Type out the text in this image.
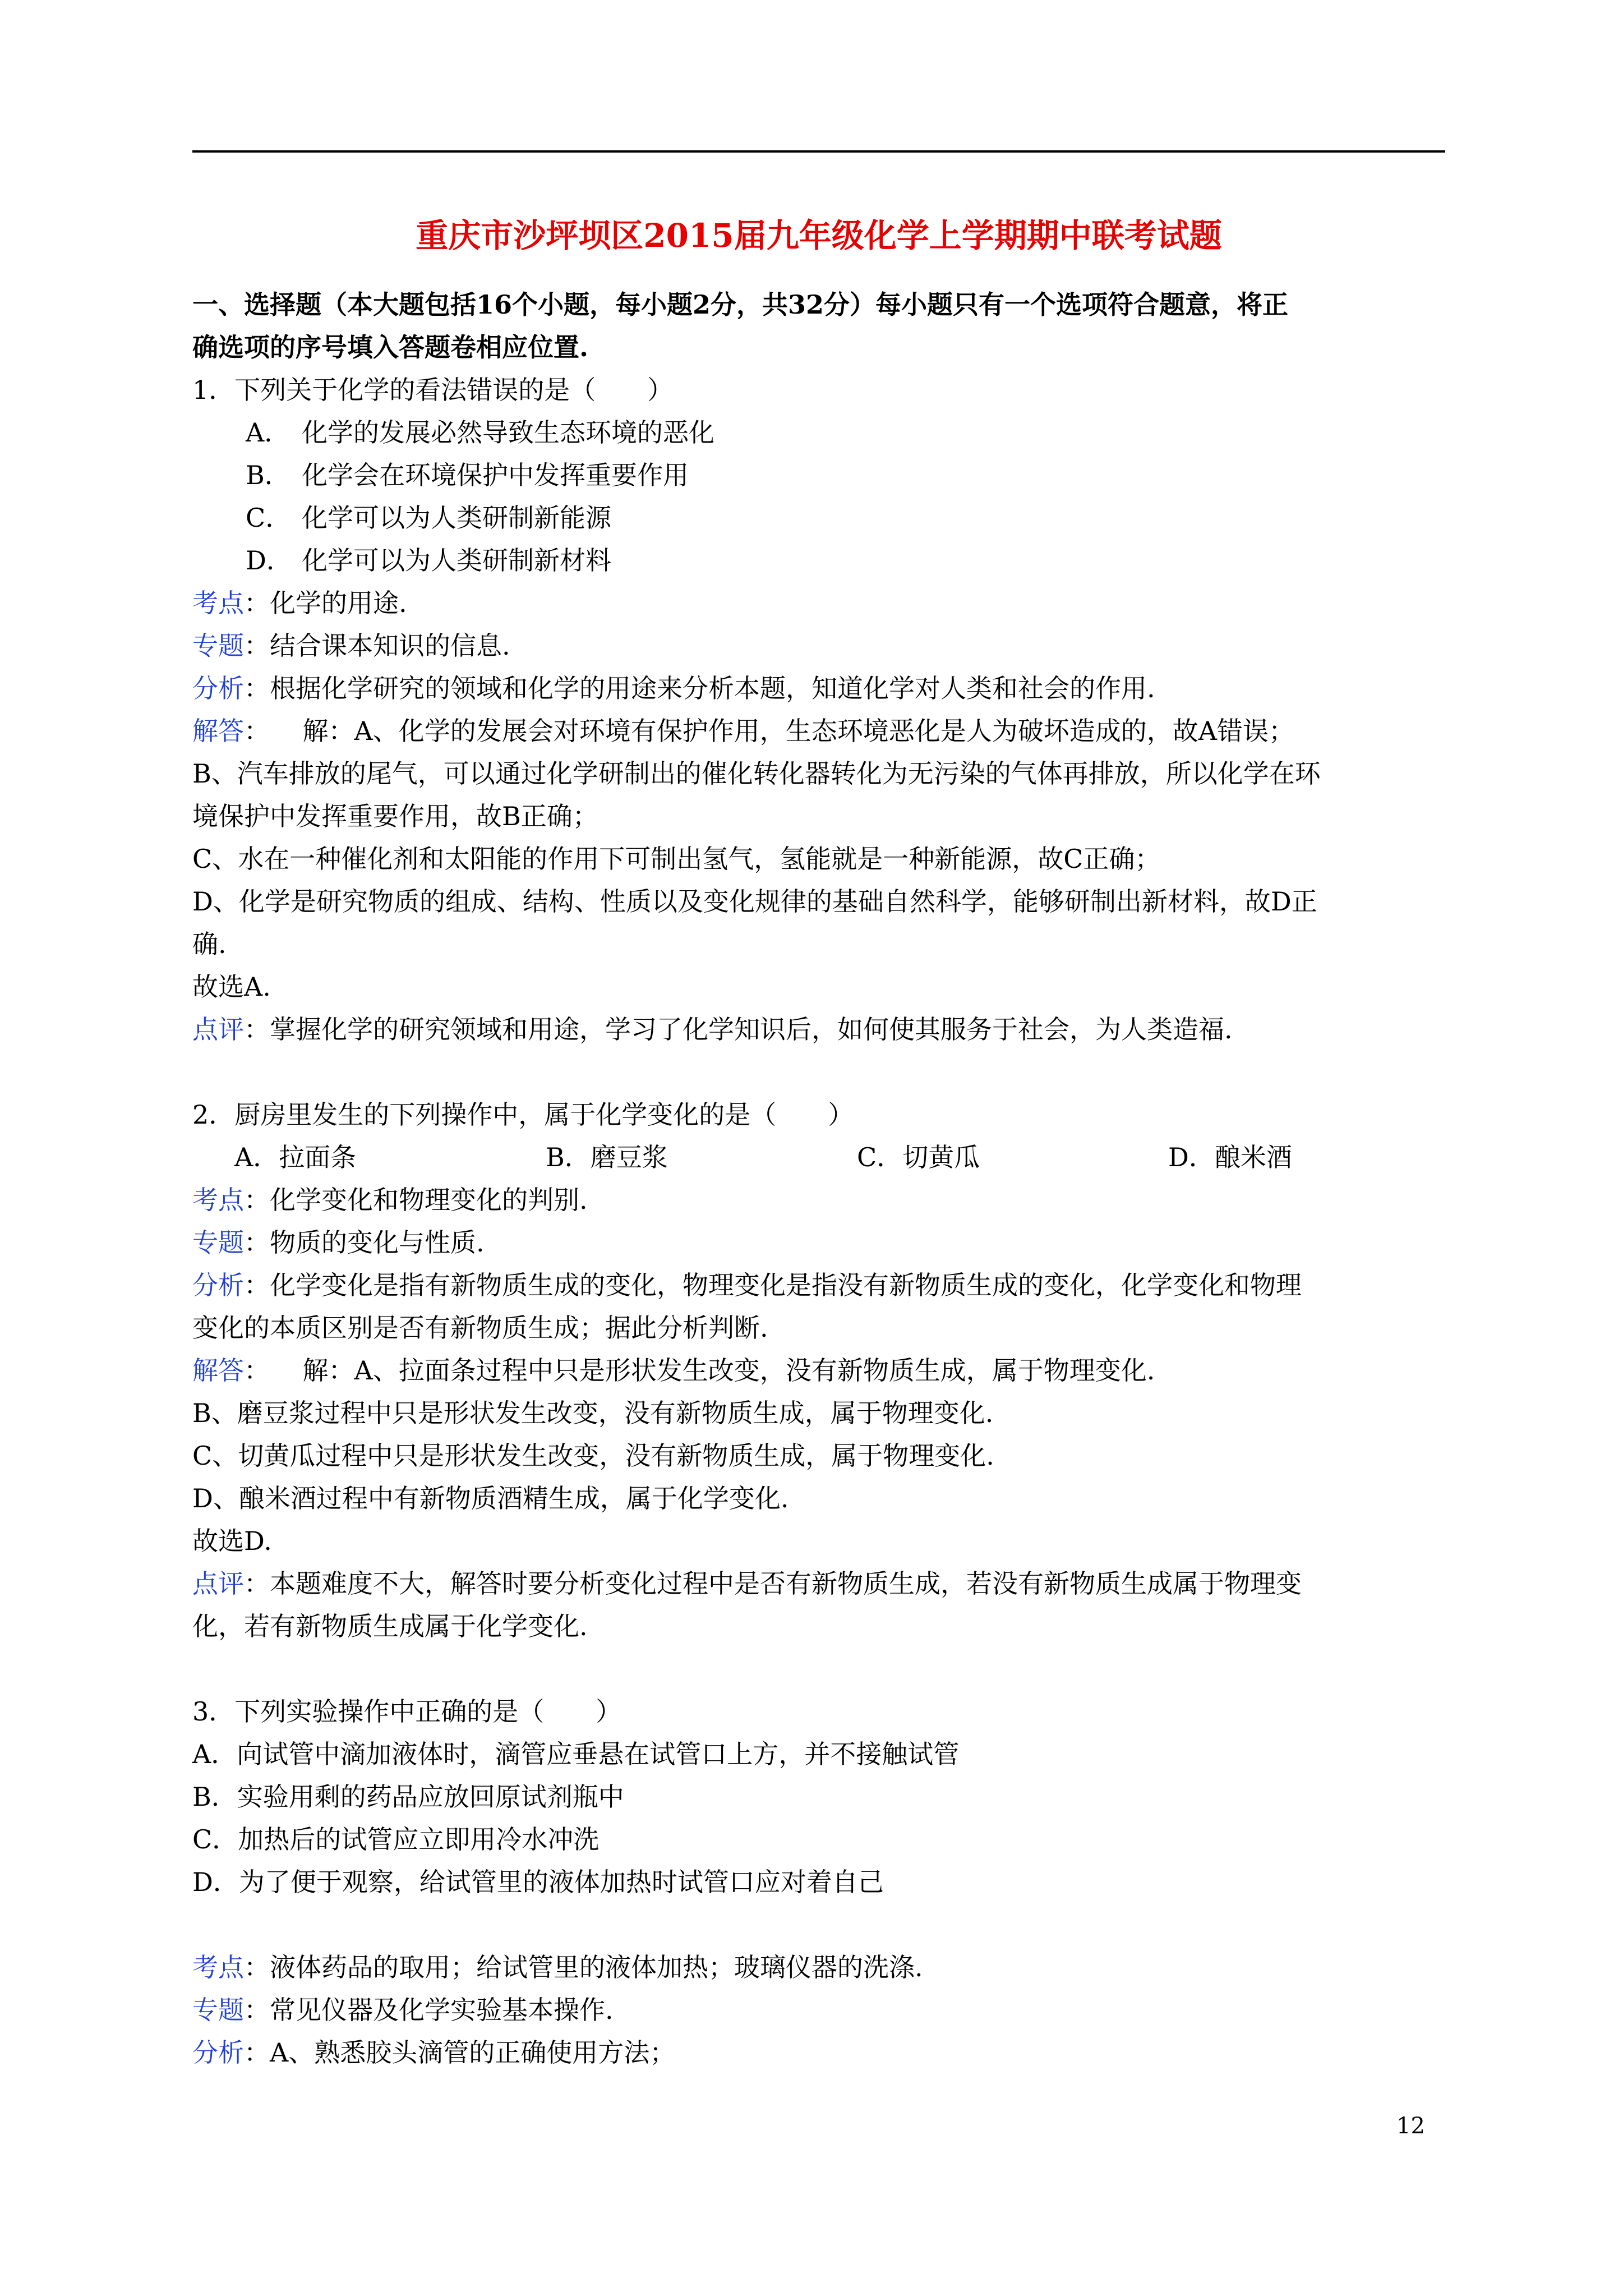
重庆市沙坪坝区2015届九年级化学上学期期中联考试题
一、选择题（本大题包括16个小题，每小题2分，共32分）每小题只有一个选项符合题意，将正
确选项的序号填入答题卷相应位置.
1．下列关于化学的看法错误的是（　　）
A． 化学的发展必然导致生态环境的恶化
B． 化学会在环境保护中发挥重要作用
C． 化学可以为人类研制新能源
D． 化学可以为人类研制新材料
考点：化学的用途.
专题：结合课本知识的信息.
分析：根据化学研究的领域和化学的用途来分析本题，知道化学对人类和社会的作用.
解答：    解：A、化学的发展会对环境有保护作用，生态环境恶化是人为破坏造成的，故A错误；
B、汽车排放的尾气，可以通过化学研制出的催化转化器转化为无污染的气体再排放，所以化学在环
境保护中发挥重要作用，故B正确；
C、水在一种催化剂和太阳能的作用下可制出氢气，氢能就是一种新能源，故C正确；
D、化学是研究物质的组成、结构、性质以及变化规律的基础自然科学，能够研制出新材料，故D正
确.
故选A.
点评：掌握化学的研究领域和用途，学习了化学知识后，如何使其服务于社会，为人类造福.
2．厨房里发生的下列操作中，属于化学变化的是（　　）
A．拉面条	B．磨豆浆	C．切黄瓜	D．酿米酒
考点：化学变化和物理变化的判别.
专题：物质的变化与性质.
分析：化学变化是指有新物质生成的变化，物理变化是指没有新物质生成的变化，化学变化和物理
变化的本质区别是否有新物质生成；据此分析判断.
解答：    解：A、拉面条过程中只是形状发生改变，没有新物质生成，属于物理变化.
B、磨豆浆过程中只是形状发生改变，没有新物质生成，属于物理变化.
C、切黄瓜过程中只是形状发生改变，没有新物质生成，属于物理变化.
D、酿米酒过程中有新物质酒精生成，属于化学变化.
故选D.
点评：本题难度不大，解答时要分析变化过程中是否有新物质生成，若没有新物质生成属于物理变
化，若有新物质生成属于化学变化.
3．下列实验操作中正确的是（　　）
A．向试管中滴加液体时，滴管应垂悬在试管口上方，并不接触试管
B．实验用剩的药品应放回原试剂瓶中
C．加热后的试管应立即用冷水冲洗
D．为了便于观察，给试管里的液体加热时试管口应对着自己
考点：液体药品的取用；给试管里的液体加热；玻璃仪器的洗涤.
专题：常见仪器及化学实验基本操作.
分析：A、熟悉胶头滴管的正确使用方法；
12
